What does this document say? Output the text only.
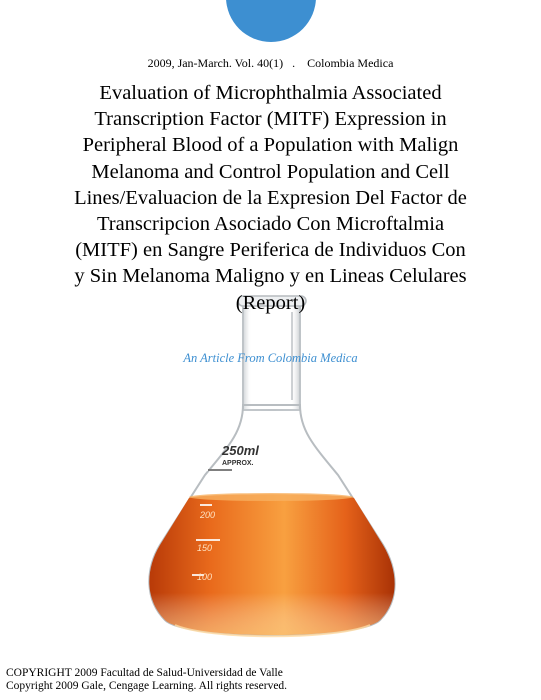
2009, Jan-March. Vol. 40(1)   .    Colombia Medica
250ml
APPROX.
200
150
100
Evaluation of Microphthalmia Associated
Transcription Factor (MITF) Expression in
Peripheral Blood of a Population with Malign
Melanoma and Control Population and Cell
Lines/Evaluacion de la Expresion Del Factor de
Transcripcion Asociado Con Microftalmia
(MITF) en Sangre Periferica de Individuos Con
y Sin Melanoma Maligno y en Lineas Celulares
(Report)
An Article From Colombia Medica
COPYRIGHT 2009 Facultad de Salud-Universidad de Valle
Copyright 2009 Gale, Cengage Learning. All rights reserved.
